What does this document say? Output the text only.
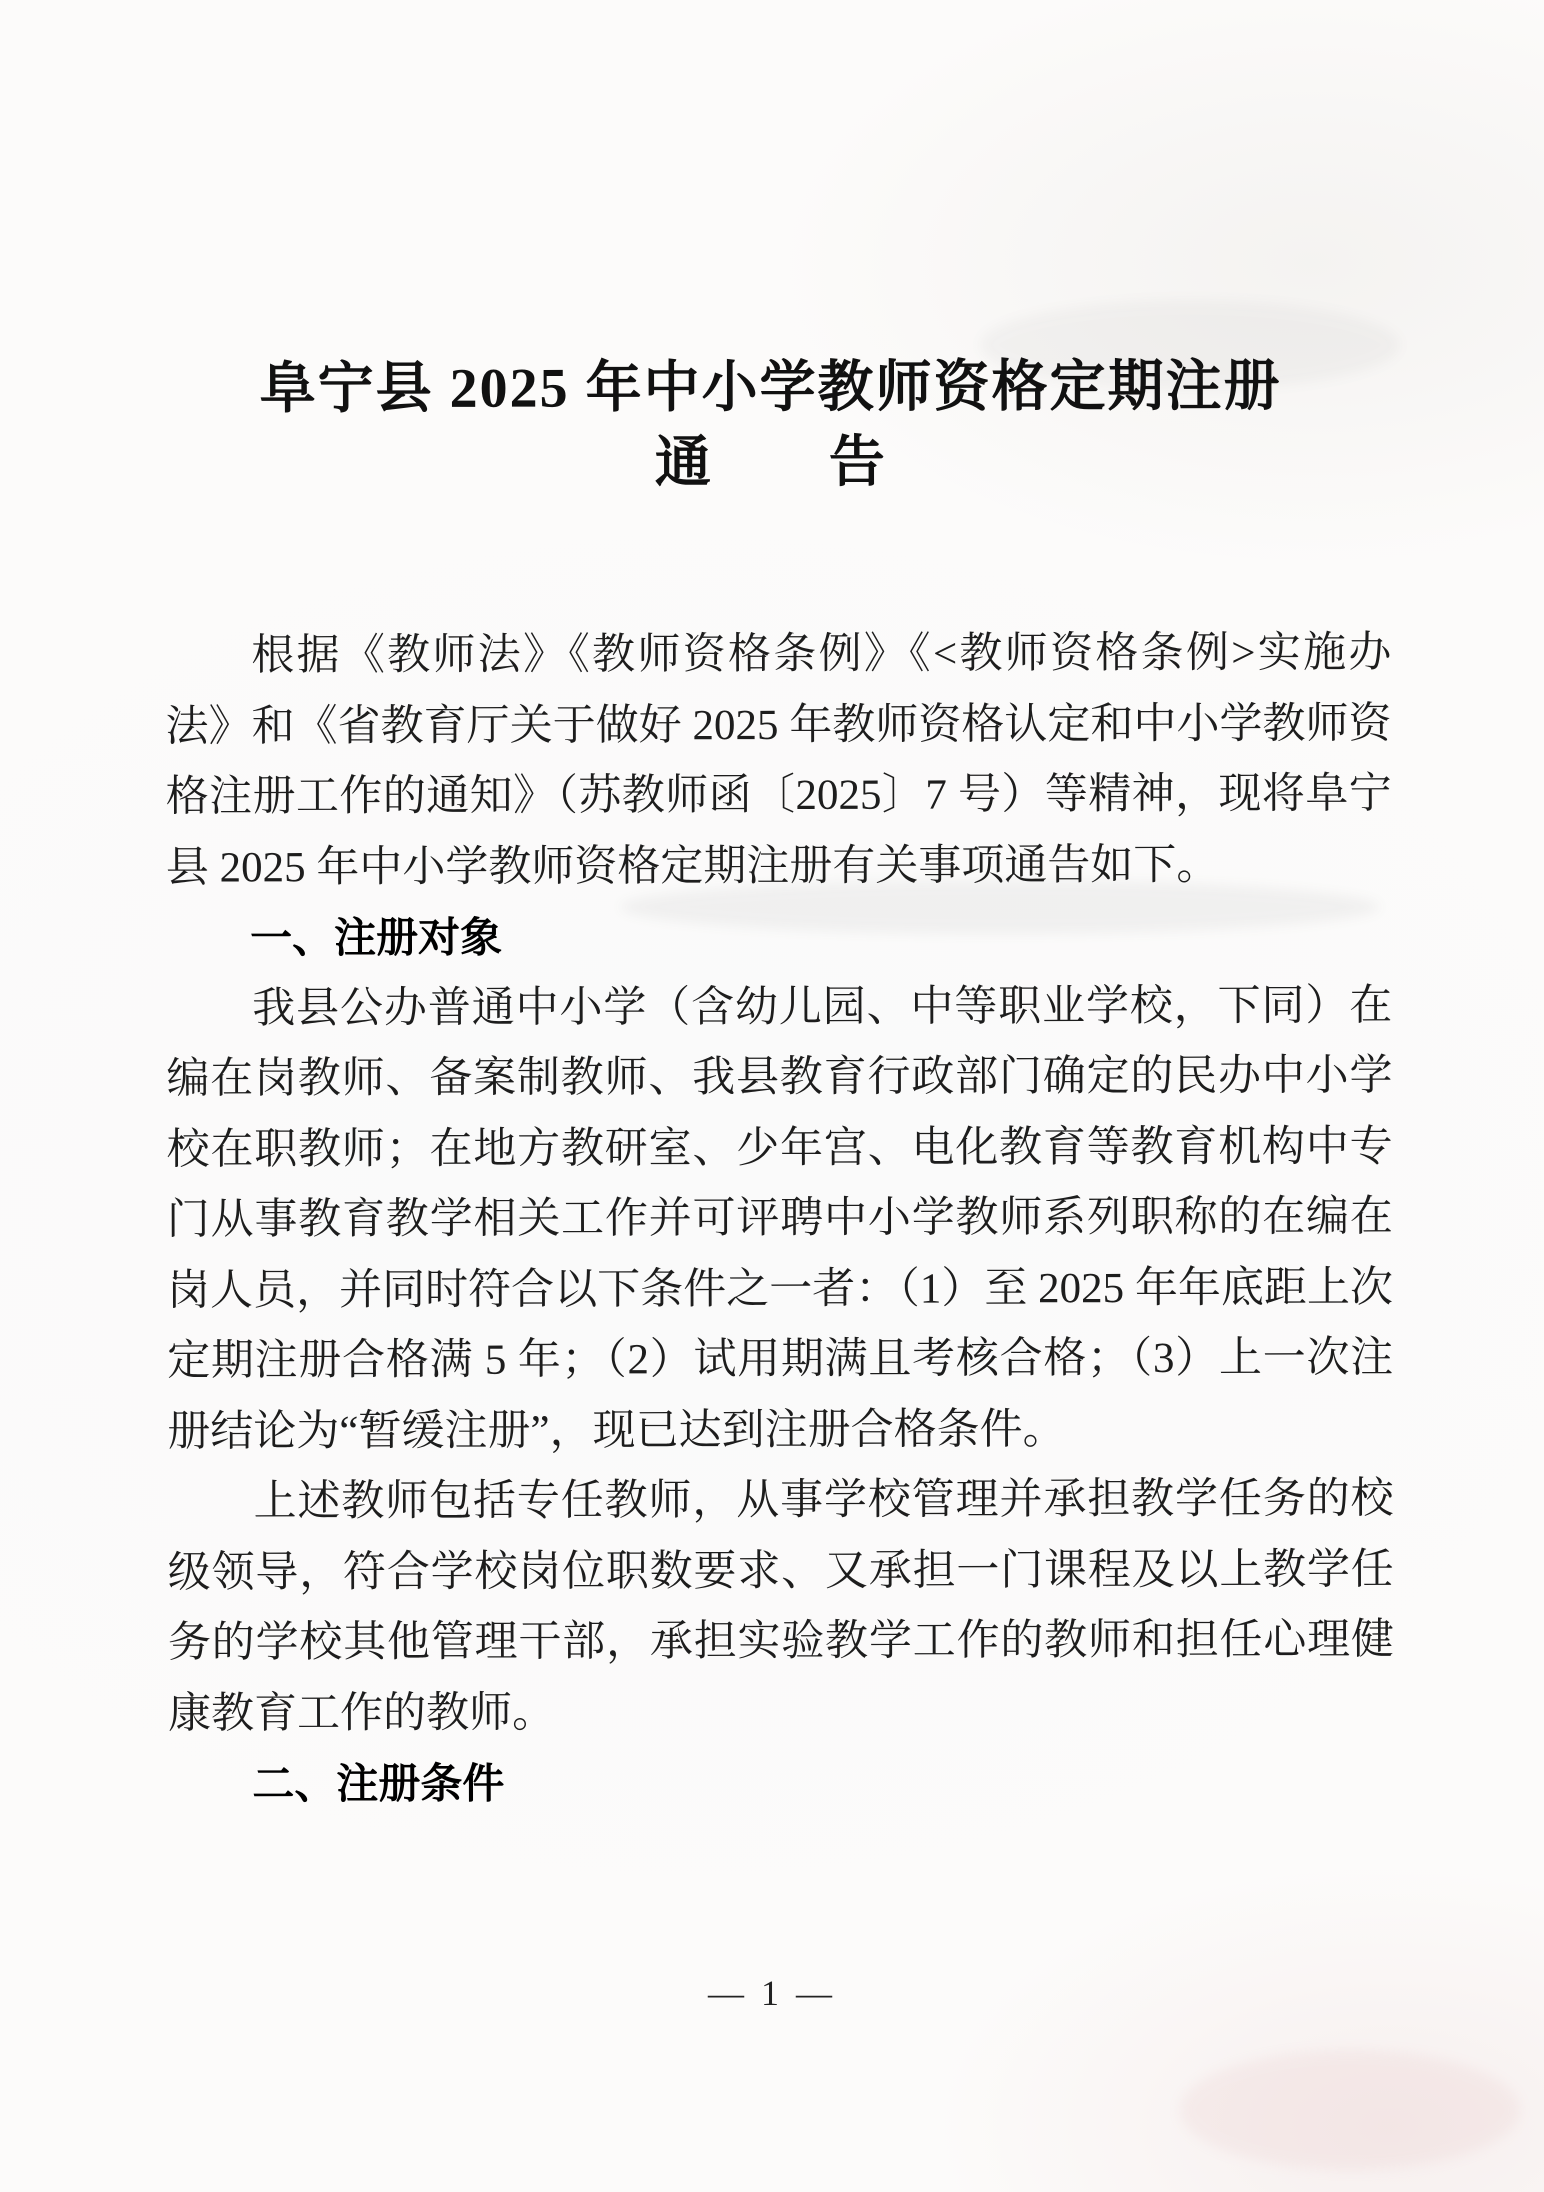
阜宁县 2025 年中小学教师资格定期注册
通　　告

根据《教师法》《教师资格条例》《<教师资格条例>实施办法》和《省教育厅关于做好 2025 年教师资格认定和中小学教师资格注册工作的通知》（苏教师函〔2025〕7 号）等精神，现将阜宁县 2025 年中小学教师资格定期注册有关事项通告如下。

一、注册对象

我县公办普通中小学（含幼儿园、中等职业学校，下同）在编在岗教师、备案制教师、我县教育行政部门确定的民办中小学校在职教师；在地方教研室、少年宫、电化教育等教育机构中专门从事教育教学相关工作并可评聘中小学教师系列职称的在编在岗人员，并同时符合以下条件之一者：（1）至 2025 年年底距上次定期注册合格满 5 年；（2）试用期满且考核合格；（3）上一次注册结论为“暂缓注册”，现已达到注册合格条件。

上述教师包括专任教师，从事学校管理并承担教学任务的校级领导，符合学校岗位职数要求、又承担一门课程及以上教学任务的学校其他管理干部，承担实验教学工作的教师和担任心理健康教育工作的教师。

二、注册条件

— 1 —
